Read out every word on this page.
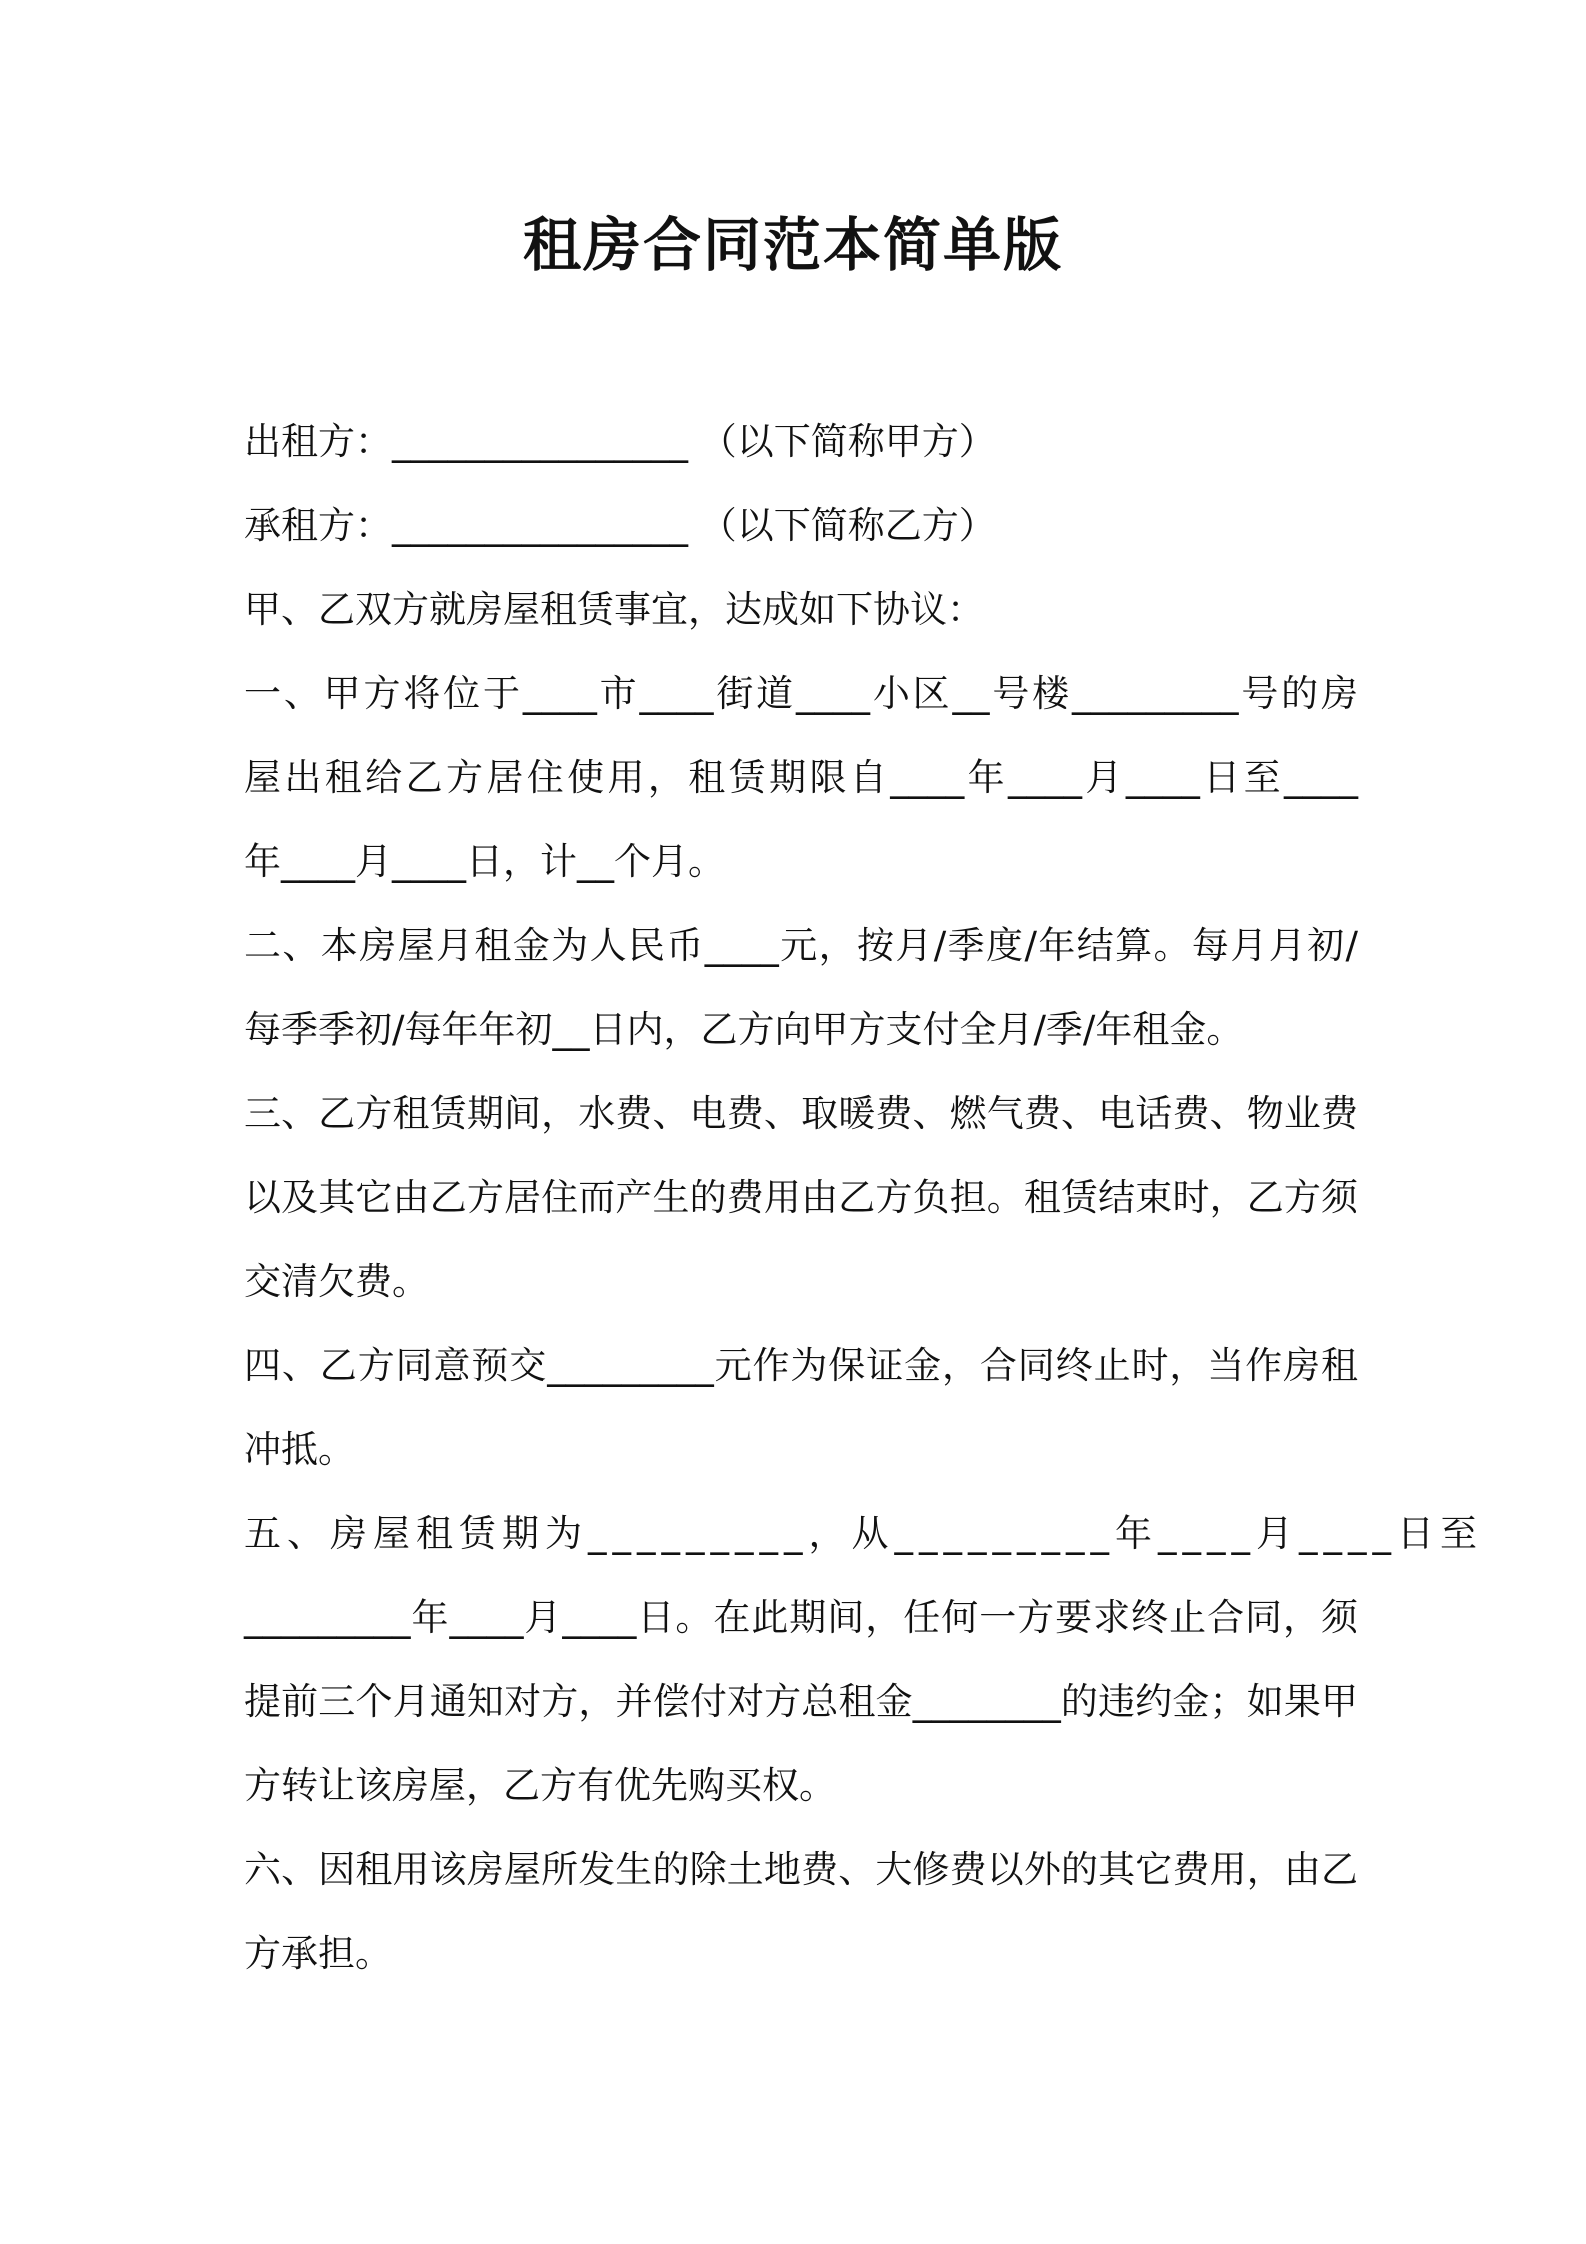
租房合同范本简单版
出租方：________________ （以下简称甲方）
承租方：________________ （以下简称乙方）
甲、乙双方就房屋租赁事宜，达成如下协议：
一、甲方将位于____市____街道____小区__号楼_________号的房
屋出租给乙方居住使用，租赁期限自____年____月____日至____
年____月____日，计__个月。
二、本房屋月租金为人民币____元，按月/季度/年结算。每月月初/
每季季初/每年年初__日内，乙方向甲方支付全月/季/年租金。
三、乙方租赁期间，水费、电费、取暖费、燃气费、电话费、物业费
以及其它由乙方居住而产生的费用由乙方负担。租赁结束时，乙方须
交清欠费。
四、乙方同意预交_________元作为保证金，合同终止时，当作房租
冲抵。
五、房屋租赁期为_________，从_________年____月____日至
_________年____月____日。在此期间，任何一方要求终止合同，须
提前三个月通知对方，并偿付对方总租金________的违约金；如果甲
方转让该房屋，乙方有优先购买权。
六、因租用该房屋所发生的除土地费、大修费以外的其它费用，由乙
方承担。
